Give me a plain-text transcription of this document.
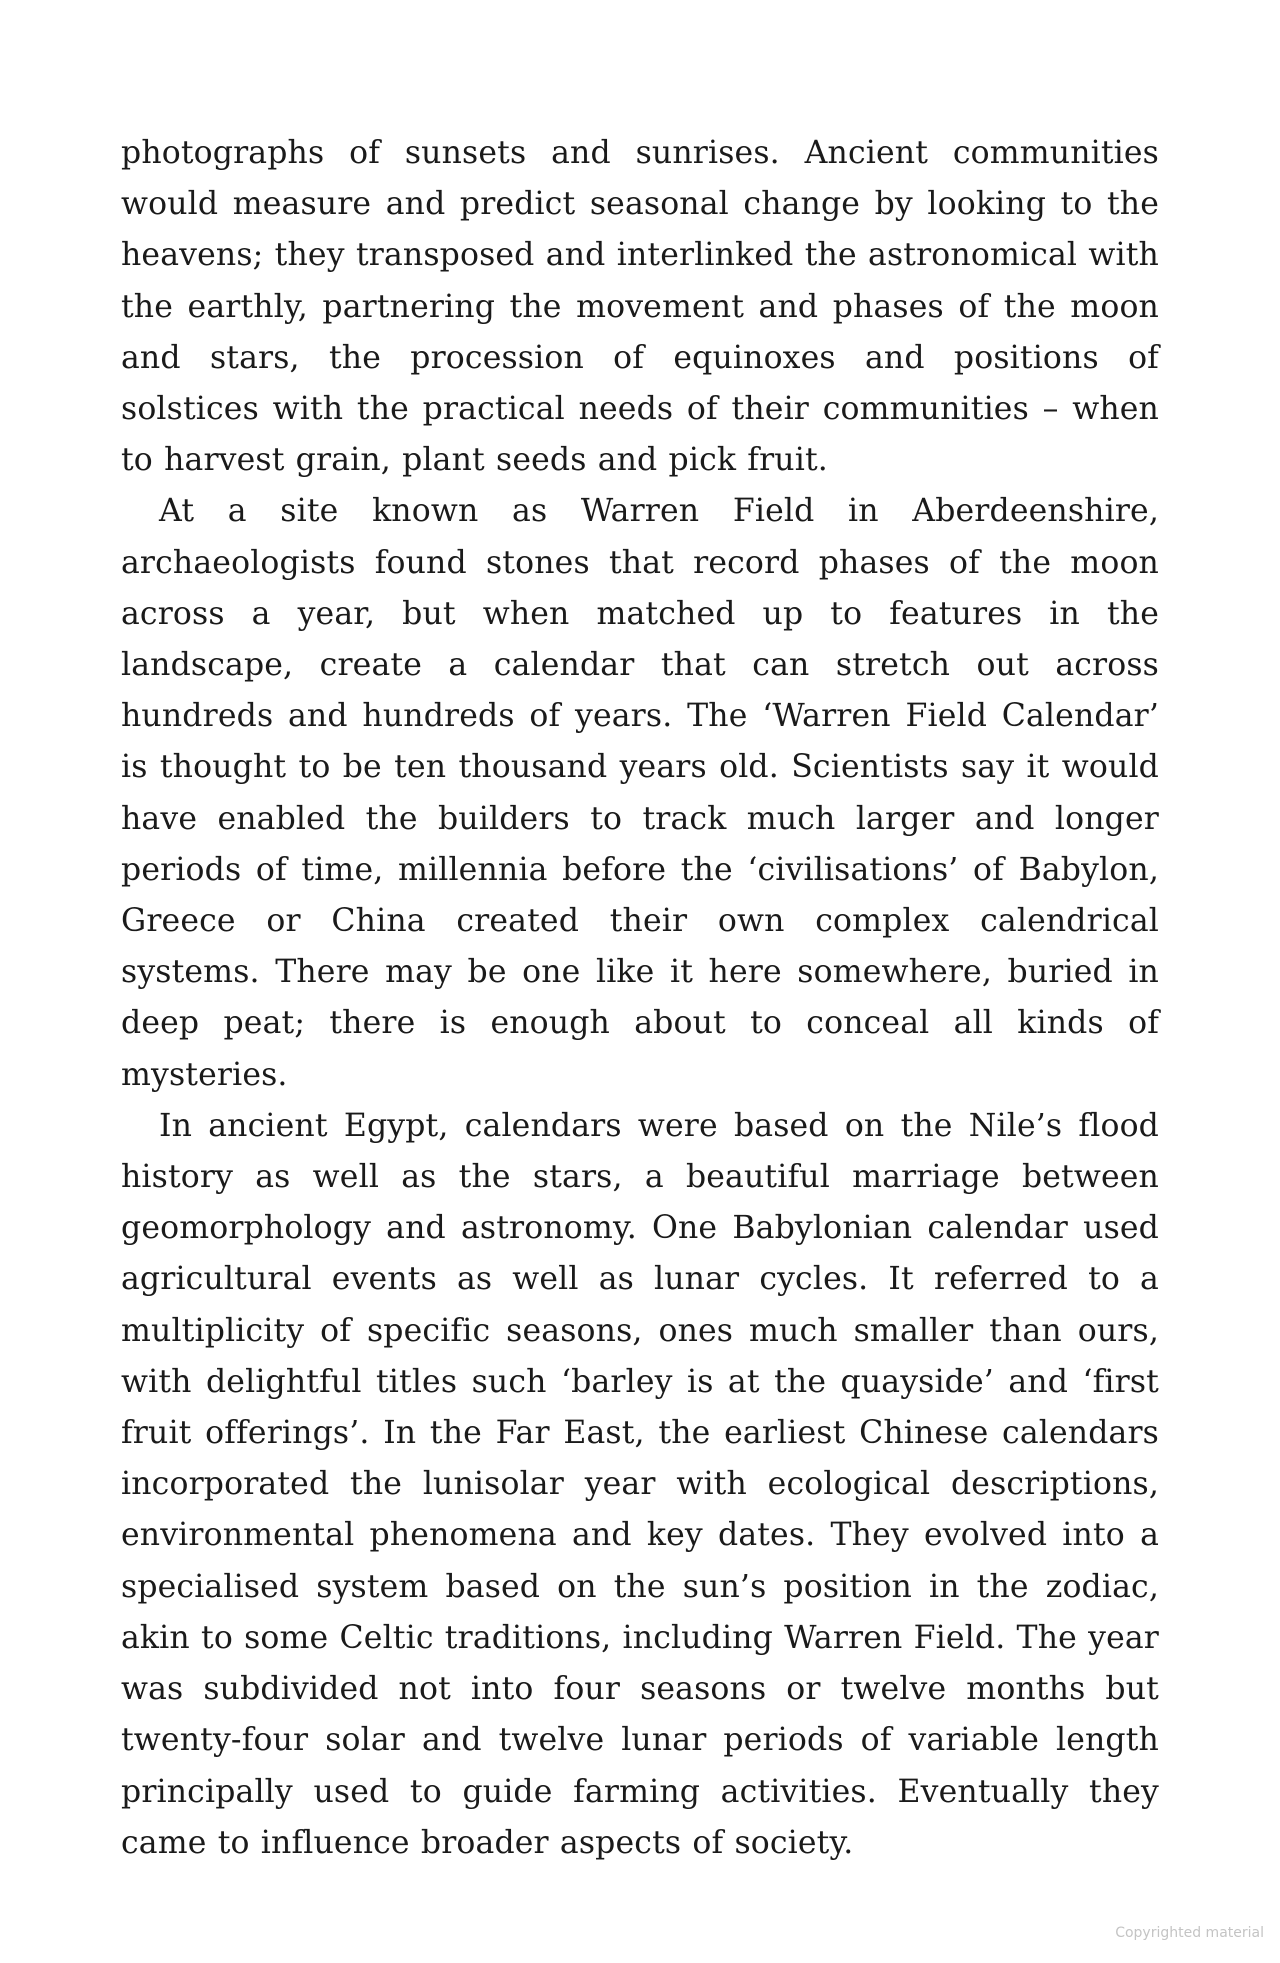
photographs of sunsets and sunrises. Ancient communities would measure and predict seasonal change by looking to the heavens; they transposed and interlinked the astronomical with the earthly, partnering the movement and phases of the moon and stars, the procession of equinoxes and positions of solstices with the practical needs of their communities – when to harvest grain, plant seeds and pick fruit.

At a site known as Warren Field in Aberdeenshire, archaeologists found stones that record phases of the moon across a year, but when matched up to features in the landscape, create a calendar that can stretch out across hundreds and hundreds of years. The ‘Warren Field Calendar’ is thought to be ten thousand years old. Scientists say it would have enabled the builders to track much larger and longer periods of time, millennia before the ‘civilisations’ of Babylon, Greece or China created their own complex calendrical systems. There may be one like it here somewhere, buried in deep peat; there is enough about to conceal all kinds of mysteries.

In ancient Egypt, calendars were based on the Nile’s flood history as well as the stars, a beautiful marriage between geomorphology and astronomy. One Babylonian calendar used agricultural events as well as lunar cycles. It referred to a multiplicity of specific seasons, ones much smaller than ours, with delightful titles such ‘barley is at the quayside’ and ‘first fruit offerings’. In the Far East, the earliest Chinese calendars incorporated the lunisolar year with ecological descriptions, environmental phenomena and key dates. They evolved into a specialised system based on the sun’s position in the zodiac, akin to some Celtic traditions, including Warren Field. The year was subdivided not into four seasons or twelve months but twenty-four solar and twelve lunar periods of variable length principally used to guide farming activities. Eventually they came to influence broader aspects of society.

Copyrighted material
